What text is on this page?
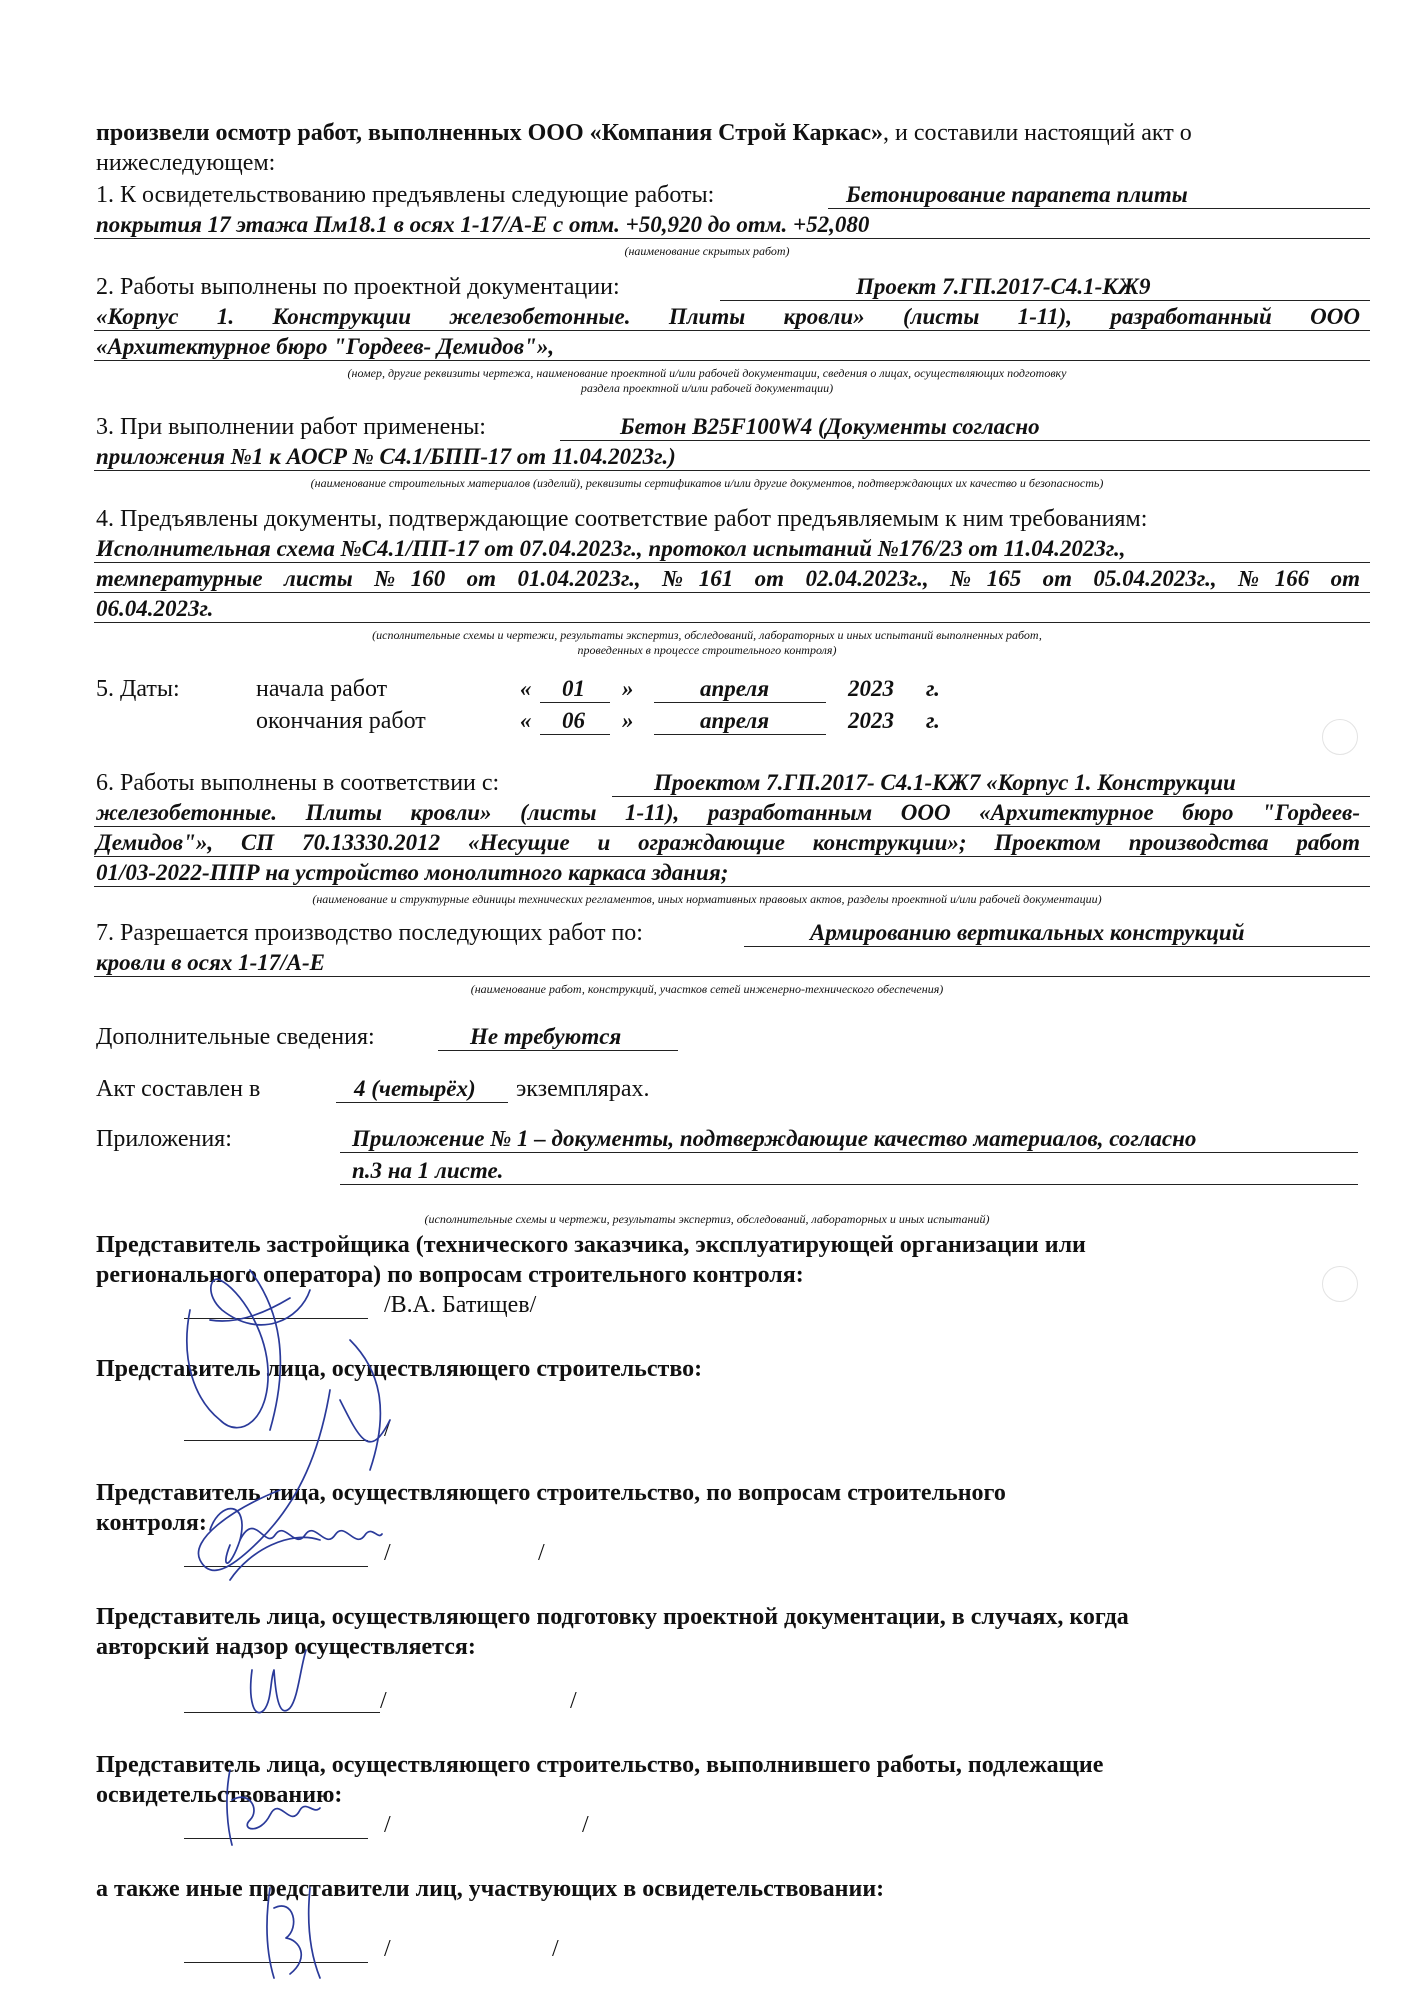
произвели осмотр работ, выполненных ООО «Компания Строй Каркас», и составили настоящий акт о
нижеследующем:
1. К освидетельствованию предъявлены следующие работы:	Бетонирование парапета плиты
покрытия 17 этажа Пм18.1 в осях 1-17/А-Е с отм. +50,920 до отм. +52,080
(наименование скрытых работ)
2. Работы выполнены по проектной документации:	Проект 7.ГП.2017-С4.1-КЖ9
«Корпус 1. Конструкции железобетонные. Плиты кровли» (листы 1-11), разработанный ООО
«Архитектурное бюро "Гордеев- Демидов"»,
(номер, другие реквизиты чертежа, наименование проектной и/или рабочей документации, сведения о лицах, осуществляющих подготовку
раздела проектной и/или рабочей документации)
3. При выполнении работ применены:	Бетон В25F100W4 (Документы согласно
приложения №1 к АОСР № С4.1/БПП-17 от 11.04.2023г.)
(наименование строительных материалов (изделий), реквизиты сертификатов и/или другие документов, подтверждающих их качество и безопасность)
4. Предъявлены документы, подтверждающие соответствие работ предъявляемым к ним требованиям:
Исполнительная схема №С4.1/ПП-17 от 07.04.2023г., протокол испытаний №176/23 от 11.04.2023г.,
температурные листы №160 от 01.04.2023г., №161 от 02.04.2023г., №165 от 05.04.2023г., №166 от
06.04.2023г.
(исполнительные схемы и чертежи, результаты экспертиз, обследований, лабораторных и иных испытаний выполненных работ,
проведенных в процессе строительного контроля)
5. Даты:	начала работ	« 01 »	апреля	2023 г.
окончания работ	« 06 »	апреля	2023 г.
6. Работы выполнены в соответствии с:	Проектом 7.ГП.2017- С4.1-КЖ7 «Корпус 1. Конструкции
железобетонные. Плиты кровли» (листы 1-11), разработанным ООО «Архитектурное бюро "Гордеев-
Демидов"», СП 70.13330.2012 «Несущие и ограждающие конструкции»; Проектом производства работ
01/03-2022-ППР на устройство монолитного каркаса здания;
(наименование и структурные единицы технических регламентов, иных нормативных правовых актов, разделы проектной и/или рабочей документации)
7. Разрешается производство последующих работ по:	Армированию вертикальных конструкций
кровли в осях 1-17/А-Е
(наименование работ, конструкций, участков сетей инженерно-технического обеспечения)
Дополнительные сведения:	Не требуются
Акт составлен в	4 (четырёх) экземплярах.
Приложения:	Приложение № 1 – документы, подтверждающие качество материалов, согласно
п.3 на 1 листе.
(исполнительные схемы и чертежи, результаты экспертиз, обследований, лабораторных и иных испытаний)
Представитель застройщика (технического заказчика, эксплуатирующей организации или
регионального оператора) по вопросам строительного контроля:
/В.А. Батищев/
Представитель лица, осуществляющего строительство:
/
Представитель лица, осуществляющего строительство, по вопросам строительного
контроля:
/	/
Представитель лица, осуществляющего подготовку проектной документации, в случаях, когда
авторский надзор осуществляется:
/	/
Представитель лица, осуществляющего строительство, выполнившего работы, подлежащие
освидетельствованию:
/	/
а также иные представители лиц, участвующих в освидетельствовании:
/	/
